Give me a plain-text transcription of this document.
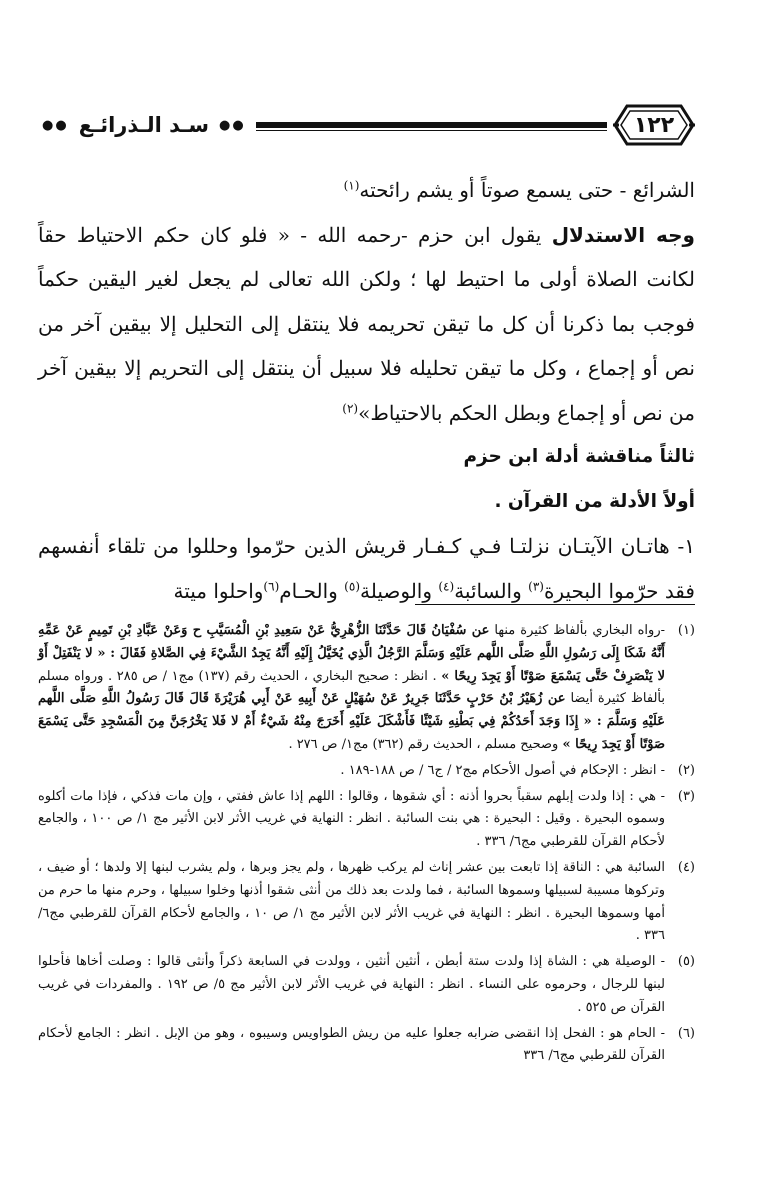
١٢٢
●●
سـد الـذرائـع
●●

الشرائع - حتى يسمع صوتاً أو يشم رائحته$^{(١)}$

وجه الاستدلال يقول ابن حزم -رحمه الله - « فلو كان حكم الاحتياط حقاً لكانت الصلاة أولى ما احتيط لها ؛ ولكن الله تعالى لم يجعل لغير اليقين حكماً فوجب بما ذكرنا أن كل ما تيقن تحريمه فلا ينتقل إلى التحليل إلا بيقين آخر من نص أو إجماع ، وكل ما تيقن تحليله فلا سبيل أن ينتقل إلى التحريم إلا بيقين آخر من نص أو إجماع وبطل الحكم بالاحتياط»$^{(٢)}$

ثالثاً مناقشة أدلة ابن حزم

أولاً الأدلة من القرآن .

١- هاتـان الآيتـان نزلتـا فـي كـفـار قريش الذين حرّموا وحللوا من تلقاء أنفسهم فقد حرّموا البحيرة$^{(٣)}$ والسائبة$^{(٤)}$ والوصيلة$^{(٥)}$ والحـام$^{(٦)}$واحلوا ميتة

(١)
-رواه البخاري بألفاظ كثيرة منها عن سُفْيَانُ قَالَ حَدَّثَنَا الزُّهْرِيُّ عَنْ سَعِيدِ بْنِ الْمُسَيَّبِ ح وَعَنْ عَبَّادِ بْنِ تَمِيمٍ عَنْ عَمِّهِ أَنَّهُ شَكَا إِلَى رَسُولِ اللَّهِ صَلَّى اللَّهم عَلَيْهِ وَسَلَّمَ الرَّجُلُ الَّذِي يُخَيَّلُ إِلَيْهِ أَنَّهُ يَجِدُ الشَّيْءَ فِي الصَّلاةِ فَقَالَ : « لا يَنْفَتِلْ أَوْ لا يَنْصَرِفْ حَتَّى يَسْمَعَ صَوْتًا أَوْ يَجِدَ رِيحًا » . انظر : صحيح البخاري ، الحديث رقم (١٣٧) مج١ / ص ٢٨٥ . ورواه مسلم بألفاظ كثيرة أيضا عن زُهَيْرُ بْنُ حَرْبٍ حَدَّثَنَا جَرِيرٌ عَنْ سُهَيْلٍ عَنْ أَبِيهِ عَنْ أَبِي هُرَيْرَةَ قَالَ قَالَ رَسُولُ اللَّهِ صَلَّى اللَّهم عَلَيْهِ وَسَلَّمَ : « إِذَا وَجَدَ أَحَدُكُمْ فِي بَطْنِهِ شَيْئًا فَأَشْكَلَ عَلَيْهِ أَخَرَجَ مِنْهُ شَيْءٌ أَمْ لا فَلا يَخْرُجَنَّ مِنَ الْمَسْجِدِ حَتَّى يَسْمَعَ صَوْتًا أَوْ يَجِدَ رِيحًا » وصحيح مسلم ، الحديث رقم (٣٦٢) مج١/ ص ٢٧٦ .
(٢)
- انظر : الإحكام في أصول الأحكام مج٢ / ج٦ / ص ١٨٨-١٨٩ .
(٣)
- هي : إذا ولدت إبلهم سقباً بحروا أذنه : أي شقوها ، وقالوا : اللهم إذا عاش ففتي ، وإن مات فذكي ، فإذا مات أكلوه وسموه البحيرة . وقيل : البحيرة : هي بنت السائبة . انظر : النهاية في غريب الأثر لابن الأثير مج ١/ ص ١٠٠ ، والجامع لأحكام القرآن للقرطبي مج٦/ ٣٣٦ .
(٤)
السائبة هي : الناقة إذا تابعت بين عشر إناث لم يركب ظهرها ، ولم يجز وبرها ، ولم يشرب لبنها إلا ولدها ؛ أو ضيف ، وتركوها مسيبة لسبيلها وسموها السائبة ، فما ولدت بعد ذلك من أنثى شقوا أذنها وخلوا سبيلها ، وحرم منها ما حرم من أمها وسموها البحيرة . انظر : النهاية في غريب الأثر لابن الأثير مج ١/ ص ١٠ ، والجامع لأحكام القرآن للقرطبي مج٦/ ٣٣٦ .
(٥)
- الوصيلة هي : الشاة إذا ولدت ستة أبطن ، أنثين أنثين ، وولدت في السابعة ذكراً وأنثى قالوا : وصلت أخاها فأحلوا لبنها للرجال ، وحرموه على النساء . انظر : النهاية في غريب الأثر لابن الأثير مج ٥/ ص ١٩٢ . والمفردات في غريب القرآن ص ٥٢٥ .
(٦)
- الحام هو : الفحل إذا انقضى ضرابه جعلوا عليه من ريش الطواويس وسيبوه ، وهو من الإبل . انظر : الجامع لأحكام القرآن للقرطبي مج٦/ ٣٣٦
